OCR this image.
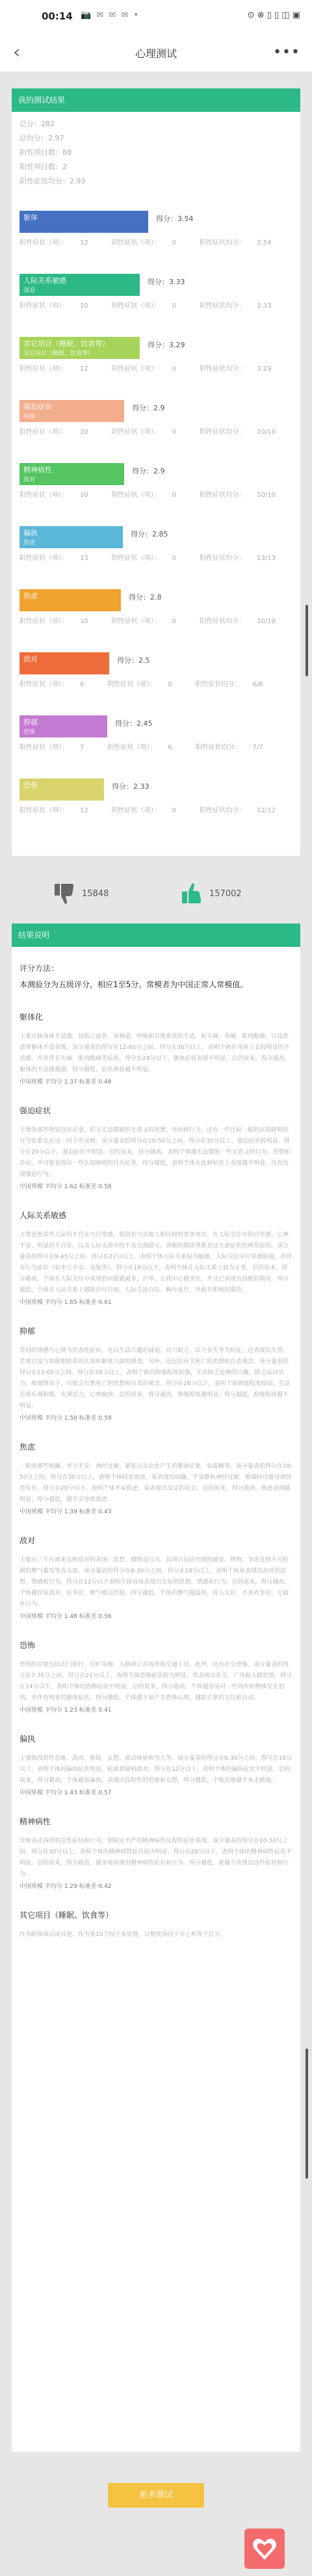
00:14 📷 ✉ ✉ ✉ •	⊙ ⊗ ▯ ▯ ◫ ▣
‹	心理测试	•••
我的测试结果
总分：282
总均分：2.97
阴性项目数：88
阳性项目数：2
阳性症状均分：2.93
躯体	得分：3.54
阳性症状（项）： 12	阴性症状（项）： 0	阳性症状均分： 3.54
人际关系敏感
强迫
得分：3.33
阳性症状（项）： 10	阴性症状（项）： 0	阳性症状均分： 3.33
其它项目（睡眠、饮食等）
其它项目（睡眠、饮食等）
得分：3.29
阳性症状（项）： 12	阴性症状（项）： 0	阳性症状均分： 3.29
强迫症状
抑郁
得分：2.9
阳性症状（项）： 10	阴性症状（项）： 0	阳性症状均分： 10/10
精神病性
敌对
得分：2.9
阳性症状（项）： 10	阴性症状（项）： 0	阳性症状均分： 10/10
偏执
焦虑
得分：2.85
阳性症状（项）： 13	阴性症状（项）： 0	阳性症状均分： 13/13
焦虑	得分：2.8
阳性症状（项）： 10	阴性症状（项）： 0	阳性症状均分： 10/10
敌对	得分：2.5
阳性症状（项）： 6	阴性症状（项）： 0	阳性症状均分： 6/6
抑郁
恐怖
得分：2.45
阳性症状（项）： 7	阴性症状（项）： 6	阳性症状均分： 7/7
恐怖	得分：2.33
阳性症状（项）： 12	阴性症状（项）： 0	阳性症状均分： 12/12
15848	157002
结果说明
评分方法：
本测验分为五级评分，相应1至5分。常模者为中国正常人常模值。
躯体化

主要反映身体不适感，包括心血管、胃肠道、呼吸和其他系统的不适，和头痛、背痛、肌肉酸痛，以及焦虑等躯体不适表现。该分量表的得分在12-60分之间。得分在36分以上，表明个体在身体上有较明显的不适感，并常伴有头痛、肌肉酸痛等症状。得分在24分以下，躯体症状表现不明显。总的说来，得分越高，躯体的不适感越强；得分越低，症状体验越不明显。

中国常模 平均分 1.37 标准差 0.48
强迫症状

主要指那些明知没有必要，但又无法摆脱的无意义的思想、冲动和行为，还有一些比较一般的认知障碍的行为征象也在这一因子中反映。该分量表的得分在10-50分之间。得分在30分以上，强迫症状较明显。得分在20分以下，强迫症状不明显。总的说来，得分越高，表明个体越无法摆脱一些无意义的行为、思想和冲动，并可能表现出一些认知障碍的行为征兆。得分越低，表明个体在此种症状上表现越不明显，没有出现强迫行为。

中国常模 平均分 1.62 标准差 0.58
人际关系敏感

主要是指某些人际的不自在与自卑感，特别是与其他人相比较时更加突出。在人际交往中的自卑感、心神不安、明显的不自在，以及人际交流中的不良自我暗示、消极的期待等都是这方面症状的典型原因。该分量表的得分在9-45分之间。得分在27分以上，表明个体人际关系较为敏感，人际交往中自卑感较强，并伴有行为症状（如坐立不安、退缩等）。得分在18分以下，表明个体在人际关系上较为正常。总的说来，得分越高，个体在人际交往中表现的问题就越多，自卑、自我中心越突出，并且已表现出消极的期待。得分越低，个体在人际关系上越能应付自如，人际交流自信、胸有成竹，并抱有积极的期待。

中国常模 平均分 1.65 标准差 0.61
抑郁

苦闷的情感与心境为代表性症状，还以生活兴趣的减退、动力缺乏、活力丧失等为特征。还表现出失望、悲观以及与抑郁相联系的认知和躯体方面的感受，另外，还包括有关死亡的思想和自杀观念。该分量表的得分在13-65分之间。得分在39分以上，表明个体的抑郁程度较强，生活缺乏足够的兴趣，缺乏运动活力，极端情况下，可能会有想死亡的思想和自杀的观念。得分在26分以下，表明个体抑郁程度较弱，生活态度乐观积极，充满活力，心境愉快。总的说来，得分越高，抑郁程度越明显；得分越低，抑郁程度越不明显。

中国常模 平均分 1.50 标准差 0.59
焦虑

一般指那些烦躁、坐立不安、神经过敏、紧张以及由此产生的躯体征象，如震颤等。该分量表的得分在10-50分之间。得分在30分以上，表明个体较易焦虑，易表现出烦躁、不安静和神经过敏，极端时可能导致惊恐发作。得分在20分以下，表明个体不易焦虑，易表现出安定的状态。总的说来，得分越高，焦虑表现越明显；得分越低，越不会导致焦虑。

中国常模 平均分 1.39 标准差 0.43
敌对

主要从三个方面来反映敌对的表现：思想、感情及行为。其项目包括厌烦的感觉、摔物、争论直到不可控制的脾气暴发等各方面。该分量表的得分在6-30分之间。得分在18分以上，表明个体易表现出敌对的思想、情感和行为。得分在12分以下表明个体容易表现出友好的思想、情感和行为。总的说来，得分越高，个体越容易敌对，好争论，脾气难以控制。得分越低，个体的脾气越温和，待人友好，不喜欢争论、无破坏行为。

中国常模 平均分 1.48 标准差 0.56
恐怖

恐惧的对象包括出门旅行、空旷场地、人群或公共场所和交通工具。此外，还有社交恐怖。该分量表的得分在7-35分之间。得分在21分以上，表明个体恐怖症状较为明显，常表现出社交、广场和人群恐惧，得分在14分以下，表明个体的恐怖症状不明显。总的说来，得分越高，个体越容易对一些场所和物体发生恐惧，并伴有明显的躯体症状。得分越低，个体越不易产生恐怖心理，越能正常的交往和活动。

中国常模 平均分 1.23 标准差 0.41
偏执

主要指投射性思维、敌对、猜疑、妄想、被动体验和夸大等。该分量表的得分在6-30分之间。得分在18分以上，表明个体的偏执症状明显，较易猜疑和敌对，得分在12分以下，表明个体的偏执症状不明显。总的说来，得分越高，个体越易偏执，表现出投射性的思维和妄想，得分越低，个体思维越不易走极端。

中国常模 平均分 1.43 标准差 0.57
精神病性

反映各式各样的急性症状和行为，即限定不严的精神病性过程的症状表现。该分量表的得分在10-50分之间。得分在30分以上，表明个体的精神病性症状较为明显，得分在20分以下，表明个体的精神病性症状不明显。总的说来，得分越高，越多地表现出精神病性症状和行为。得分越低，就越少表现出这些症状和行为。

中国常模 平均分 1.29 标准差 0.42
其它项目（睡眠、饮食等）

作为附加项目或其他，作为第10个因子来处理，以便使各因子分之和等于总分。

更多测试
